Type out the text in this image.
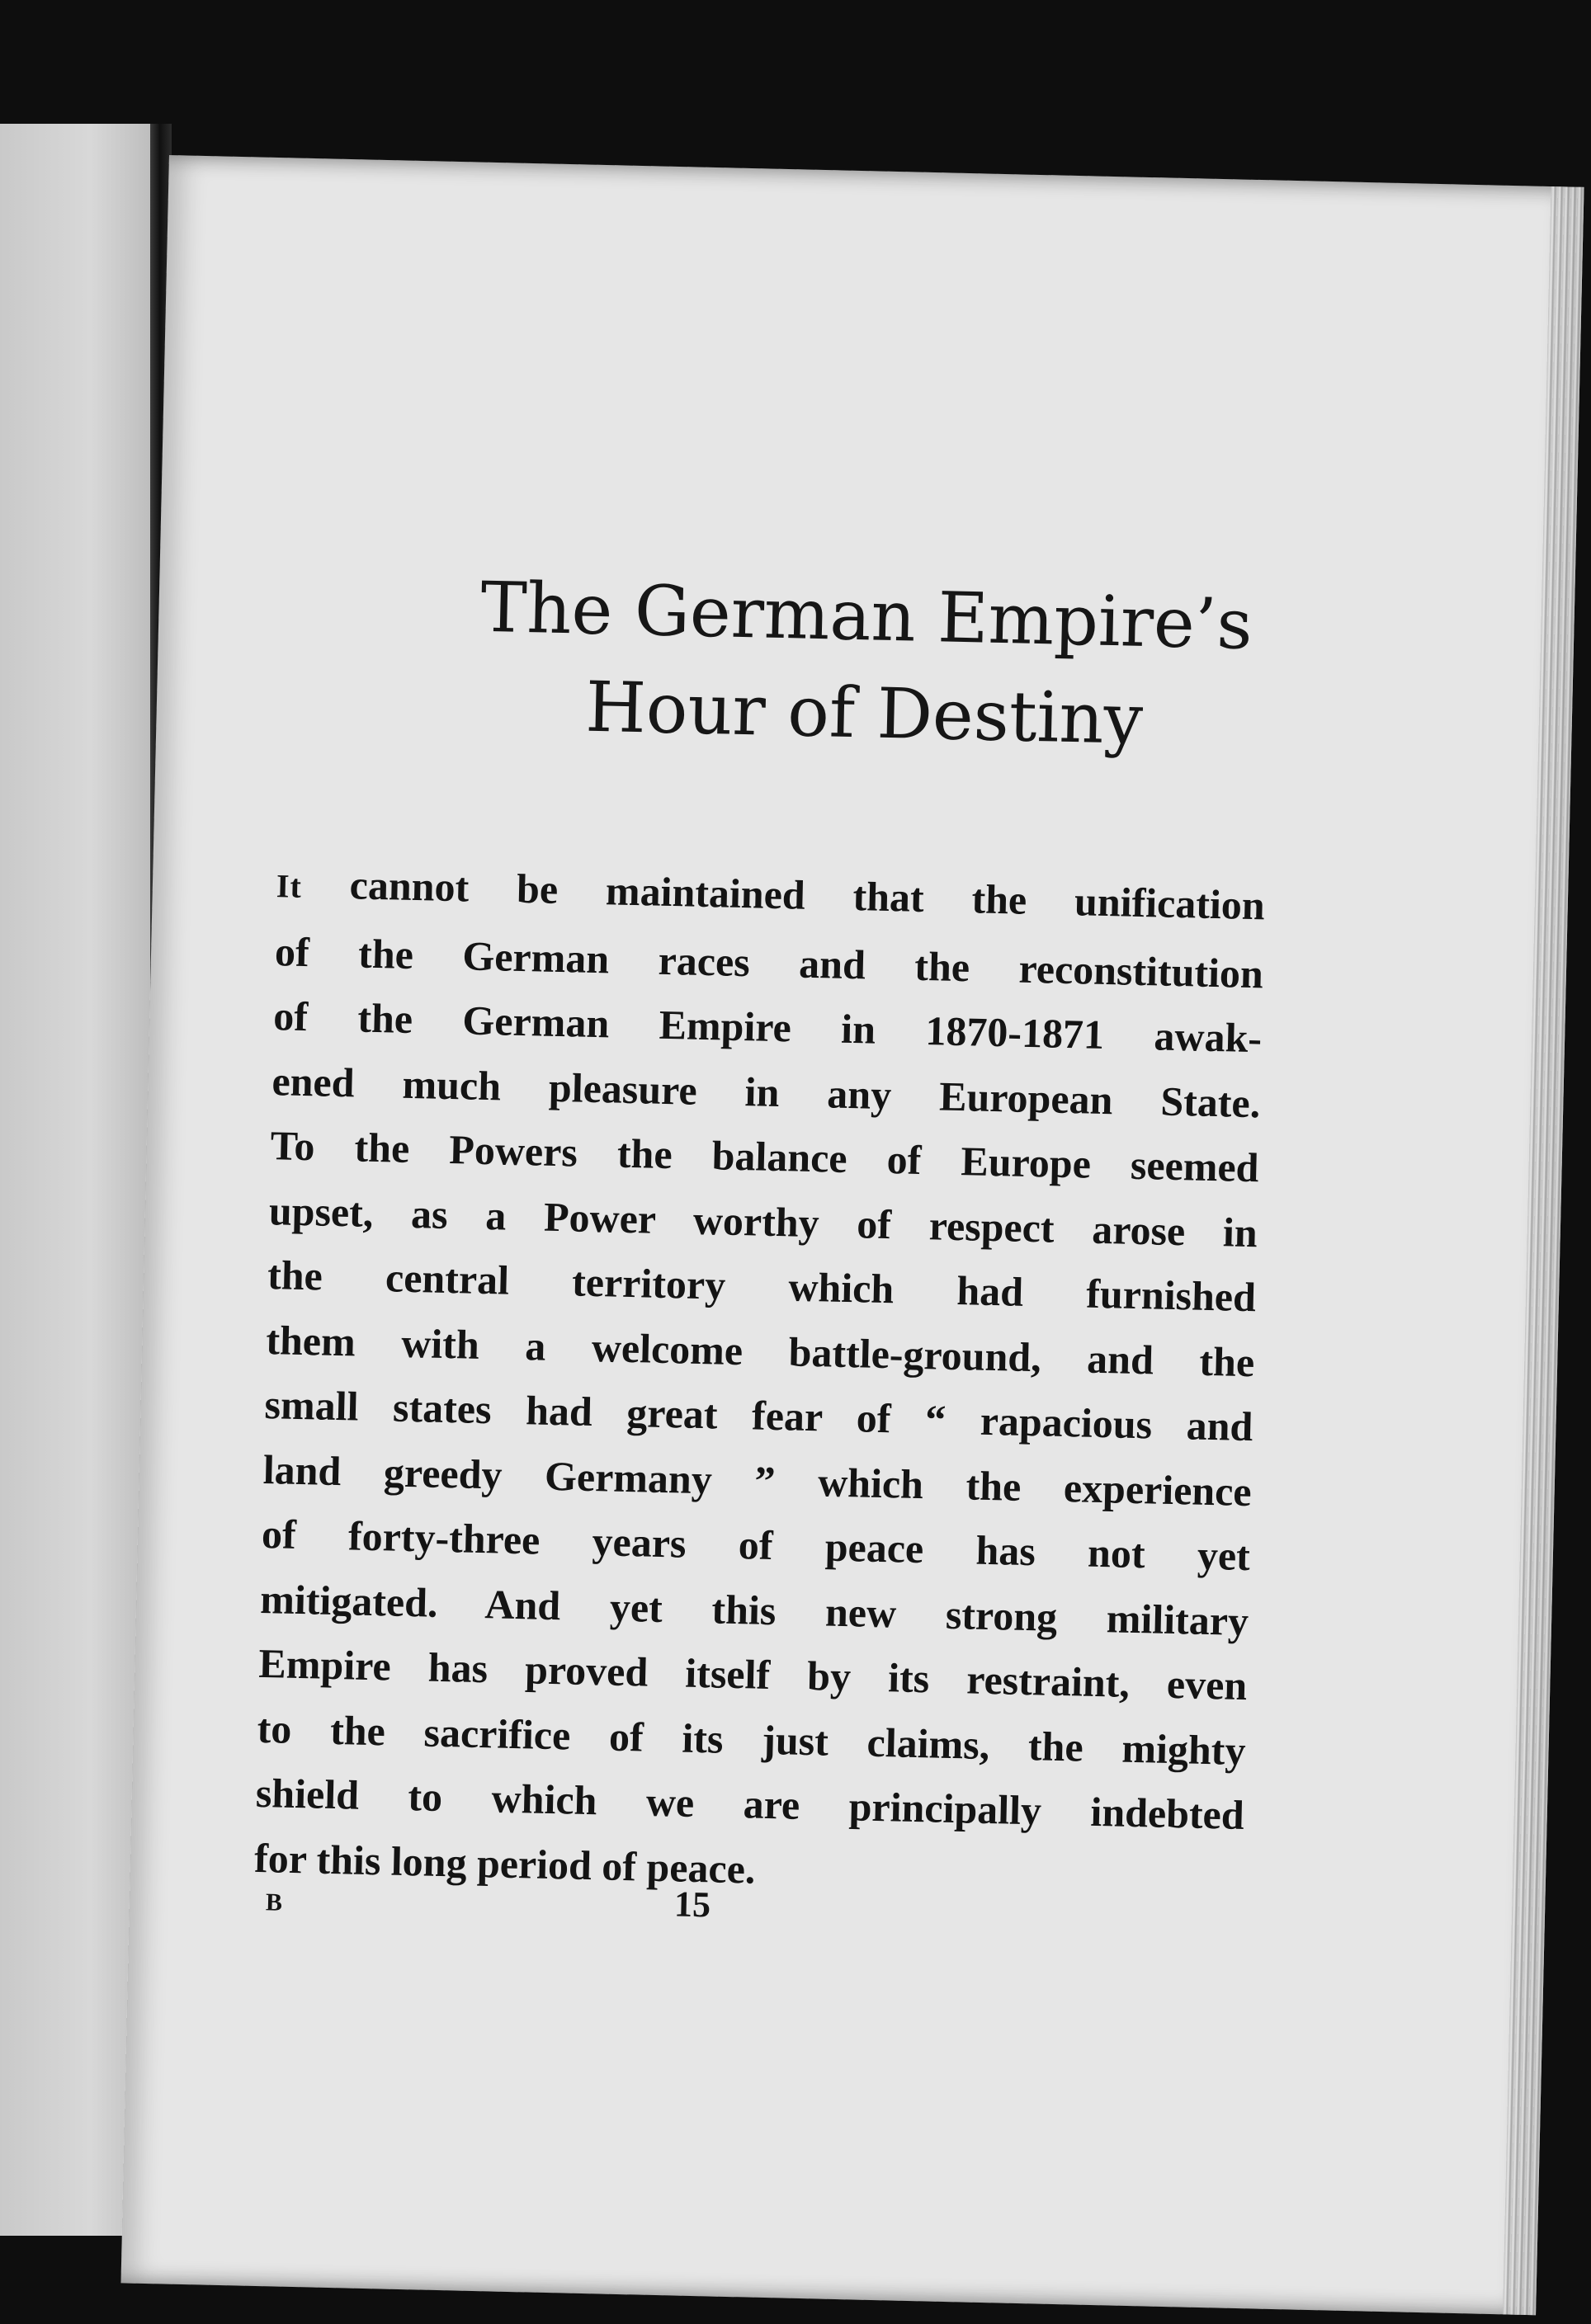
The German Empire’s
Hour of Destiny
It cannot be maintained that the unification
of the German races and the reconstitution
of the German Empire in 1870-1871 awak-
ened much pleasure in any European State.
To the Powers the balance of Europe seemed
upset, as a Power worthy of respect arose in
the central territory which had furnished
them with a welcome battle-ground, and the
small states had great fear of “ rapacious and
land greedy Germany ” which the experience
of forty-three years of peace has not yet
mitigated. And yet this new strong military
Empire has proved itself by its restraint, even
to the sacrifice of its just claims, the mighty
shield to which we are principally indebted
for this long period of peace.

B	15
